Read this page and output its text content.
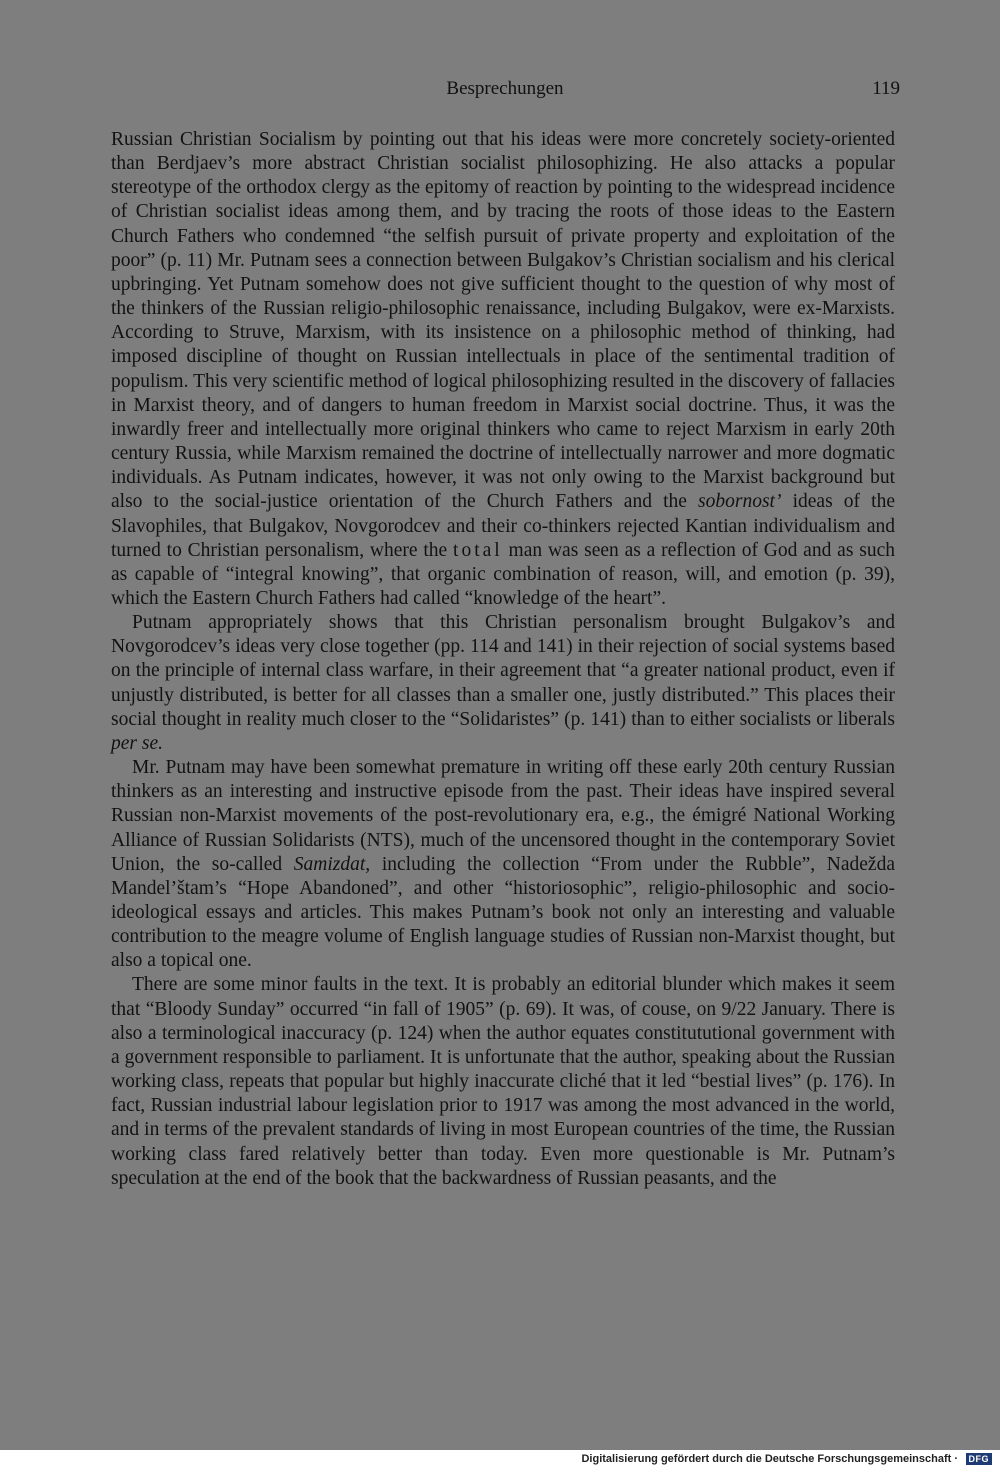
Besprechungen	119

Russian Christian Socialism by pointing out that his ideas were more concretely society-oriented than Berdjaev’s more abstract Christian socialist philosophizing. He also attacks a popular stereotype of the orthodox clergy as the epitomy of reaction by pointing to the widespread incidence of Christian socialist ideas among them, and by tracing the roots of those ideas to the Eastern Church Fathers who condemned “the selfish pursuit of private property and exploitation of the poor” (p. 11) Mr. Putnam sees a connection between Bulgakov’s Christian socialism and his clerical upbringing. Yet Putnam somehow does not give sufficient thought to the question of why most of the thinkers of the Russian religio-philosophic renaissance, including Bulgakov, were ex-Marxists. According to Struve, Marxism, with its insistence on a philosophic method of thinking, had imposed discipline of thought on Russian intellectuals in place of the sentimental tradition of populism. This very scientific method of logical philosophizing resulted in the discovery of fallacies in Marxist theory, and of dangers to human freedom in Marxist social doctrine. Thus, it was the inwardly freer and intellectually more original thinkers who came to reject Marxism in early 20th century Russia, while Marxism remained the doctrine of intellectually narrower and more dogmatic individuals. As Putnam indicates, however, it was not only owing to the Marxist background but also to the social-justice orientation of the Church Fathers and the sobornost’ ideas of the Slavophiles, that Bulgakov, Novgorodcev and their co-thinkers rejected Kantian individualism and turned to Christian personalism, where the total man was seen as a reflection of God and as such as capable of “integral knowing”, that organic combination of reason, will, and emotion (p. 39), which the Eastern Church Fathers had called “knowledge of the heart”.

Putnam appropriately shows that this Christian personalism brought Bulgakov’s and Novgorodcev’s ideas very close together (pp. 114 and 141) in their rejection of social systems based on the principle of internal class warfare, in their agreement that “a greater national product, even if unjustly distributed, is better for all classes than a smaller one, justly distributed.” This places their social thought in reality much closer to the “Solidaristes” (p. 141) than to either socialists or liberals per se.

Mr. Putnam may have been somewhat premature in writing off these early 20th century Russian thinkers as an interesting and instructive episode from the past. Their ideas have inspired several Russian non-Marxist movements of the post-revolutionary era, e.g., the émigré National Working Alliance of Russian Solidarists (NTS), much of the uncensored thought in the contemporary Soviet Union, the so-called Samizdat, including the collection “From under the Rubble”, Nadežda Mandel’štam’s “Hope Abandoned”, and other “historiosophic”, religio-philosophic and socio-ideological essays and articles. This makes Putnam’s book not only an interesting and valuable contribution to the meagre volume of English language studies of Russian non-Marxist thought, but also a topical one.

There are some minor faults in the text. It is probably an editorial blunder which makes it seem that “Bloody Sunday” occurred “in fall of 1905” (p. 69). It was, of couse, on 9/22 January. There is also a terminological inaccuracy (p. 124) when the author equates constitututional government with a government responsible to parliament. It is unfortunate that the author, speaking about the Russian working class, repeats that popular but highly inaccurate cliché that it led “bestial lives” (p. 176). In fact, Russian industrial labour legislation prior to 1917 was among the most advanced in the world, and in terms of the prevalent standards of living in most European countries of the time, the Russian working class fared relatively better than today. Even more questionable is Mr. Putnam’s speculation at the end of the book that the backwardness of Russian peasants, and the

Digitalisierung gefördert durch die Deutsche Forschungsgemeinschaft ·	DFG
